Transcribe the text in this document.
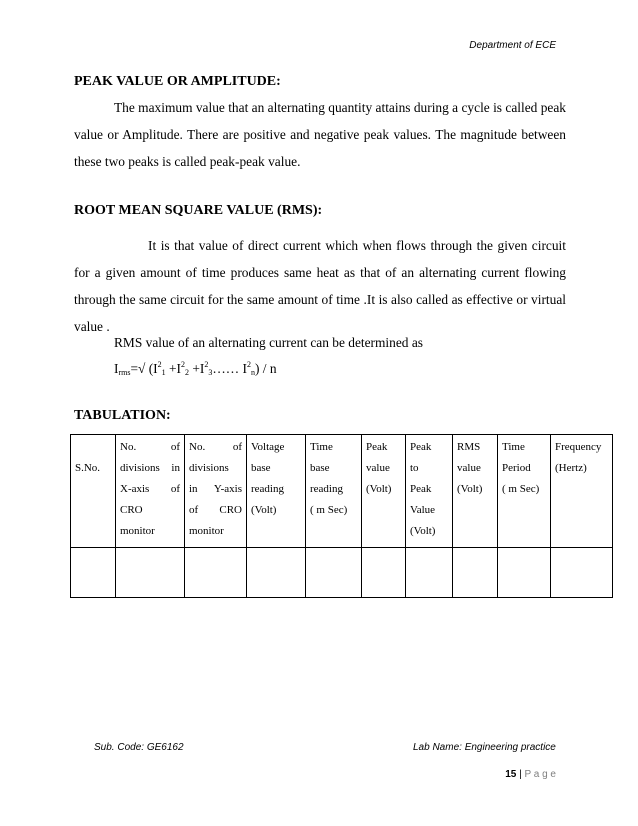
Department of ECE
PEAK VALUE OR AMPLITUDE:

The maximum value that an alternating quantity attains during a cycle is called peak value or Amplitude. There are positive and negative peak values. The magnitude between these two peaks is called peak-peak value.

ROOT MEAN SQUARE VALUE (RMS):

It is that value of direct current which when flows through the given circuit for a given amount of time produces same heat as that of an alternating current flowing through the same circuit for the same amount of time .It is also called as effective or virtual value .

RMS value of an alternating current can be determined as
$I_{rms}=√$ ($I^2_1 +I^2_2$ $+I^2_3\dots\dots$ $I^2_n$) / n
TABULATION:

S.No.	No. of
divisions in
X-axis of
CRO
monitor	No. of
divisions

in Y-axis
of CRO
monitor	Voltage
base
reading
(Volt)	Time
base
reading
( m Sec)	Peak
value
(Volt)	Peak
to
Peak
Value
(Volt)	RMS
value
(Volt)	Time
Period
( m Sec)	Frequency
(Hertz)

Sub. Code: GE6162	Lab Name: Engineering practice
15 | P a g e
